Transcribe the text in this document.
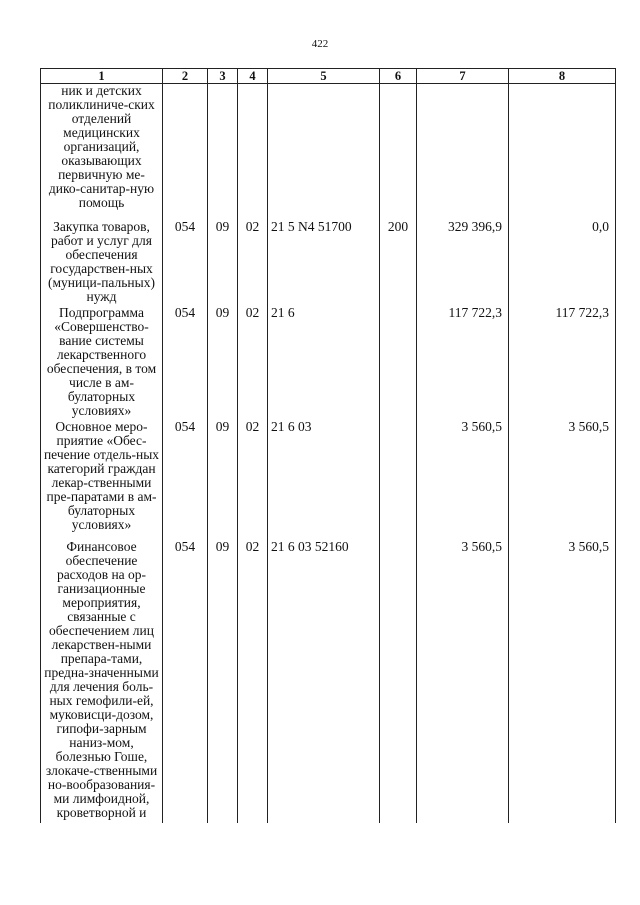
422
1	2	3	4	5	6	7	8
ник и детских поликлиниче-ских отделений медицинских организаций, оказывающих первичную ме-дико-санитар-ную помощь							
Закупка товаров, работ и услуг для обеспечения государствен-ных (муници-пальных) нужд	054	09	02	21 5 N4 51700	200	329 396,9	0,0
Подпрограмма «Совершенство-вание системы лекарственного обеспечения, в том числе в ам-булаторных условиях»	054	09	02	21 6		117 722,3	117 722,3
Основное меро-приятие «Обес-печение отдель-ных категорий граждан лекар-ственными пре-паратами в ам-булаторных условиях»	054	09	02	21 6 03		3 560,5	3 560,5
Финансовое обеспечение расходов на ор-ганизационные мероприятия, связанные с обеспечением лиц лекарствен-ными препара-тами, предна-значенными для лечения боль-ных гемофили-ей, муковисци-дозом, гипофи-зарным наниз-мом, болезнью Гоше, злокаче-ственными но-вообразования-ми лимфоидной, кроветворной и	054	09	02	21 6 03 52160		3 560,5	3 560,5
